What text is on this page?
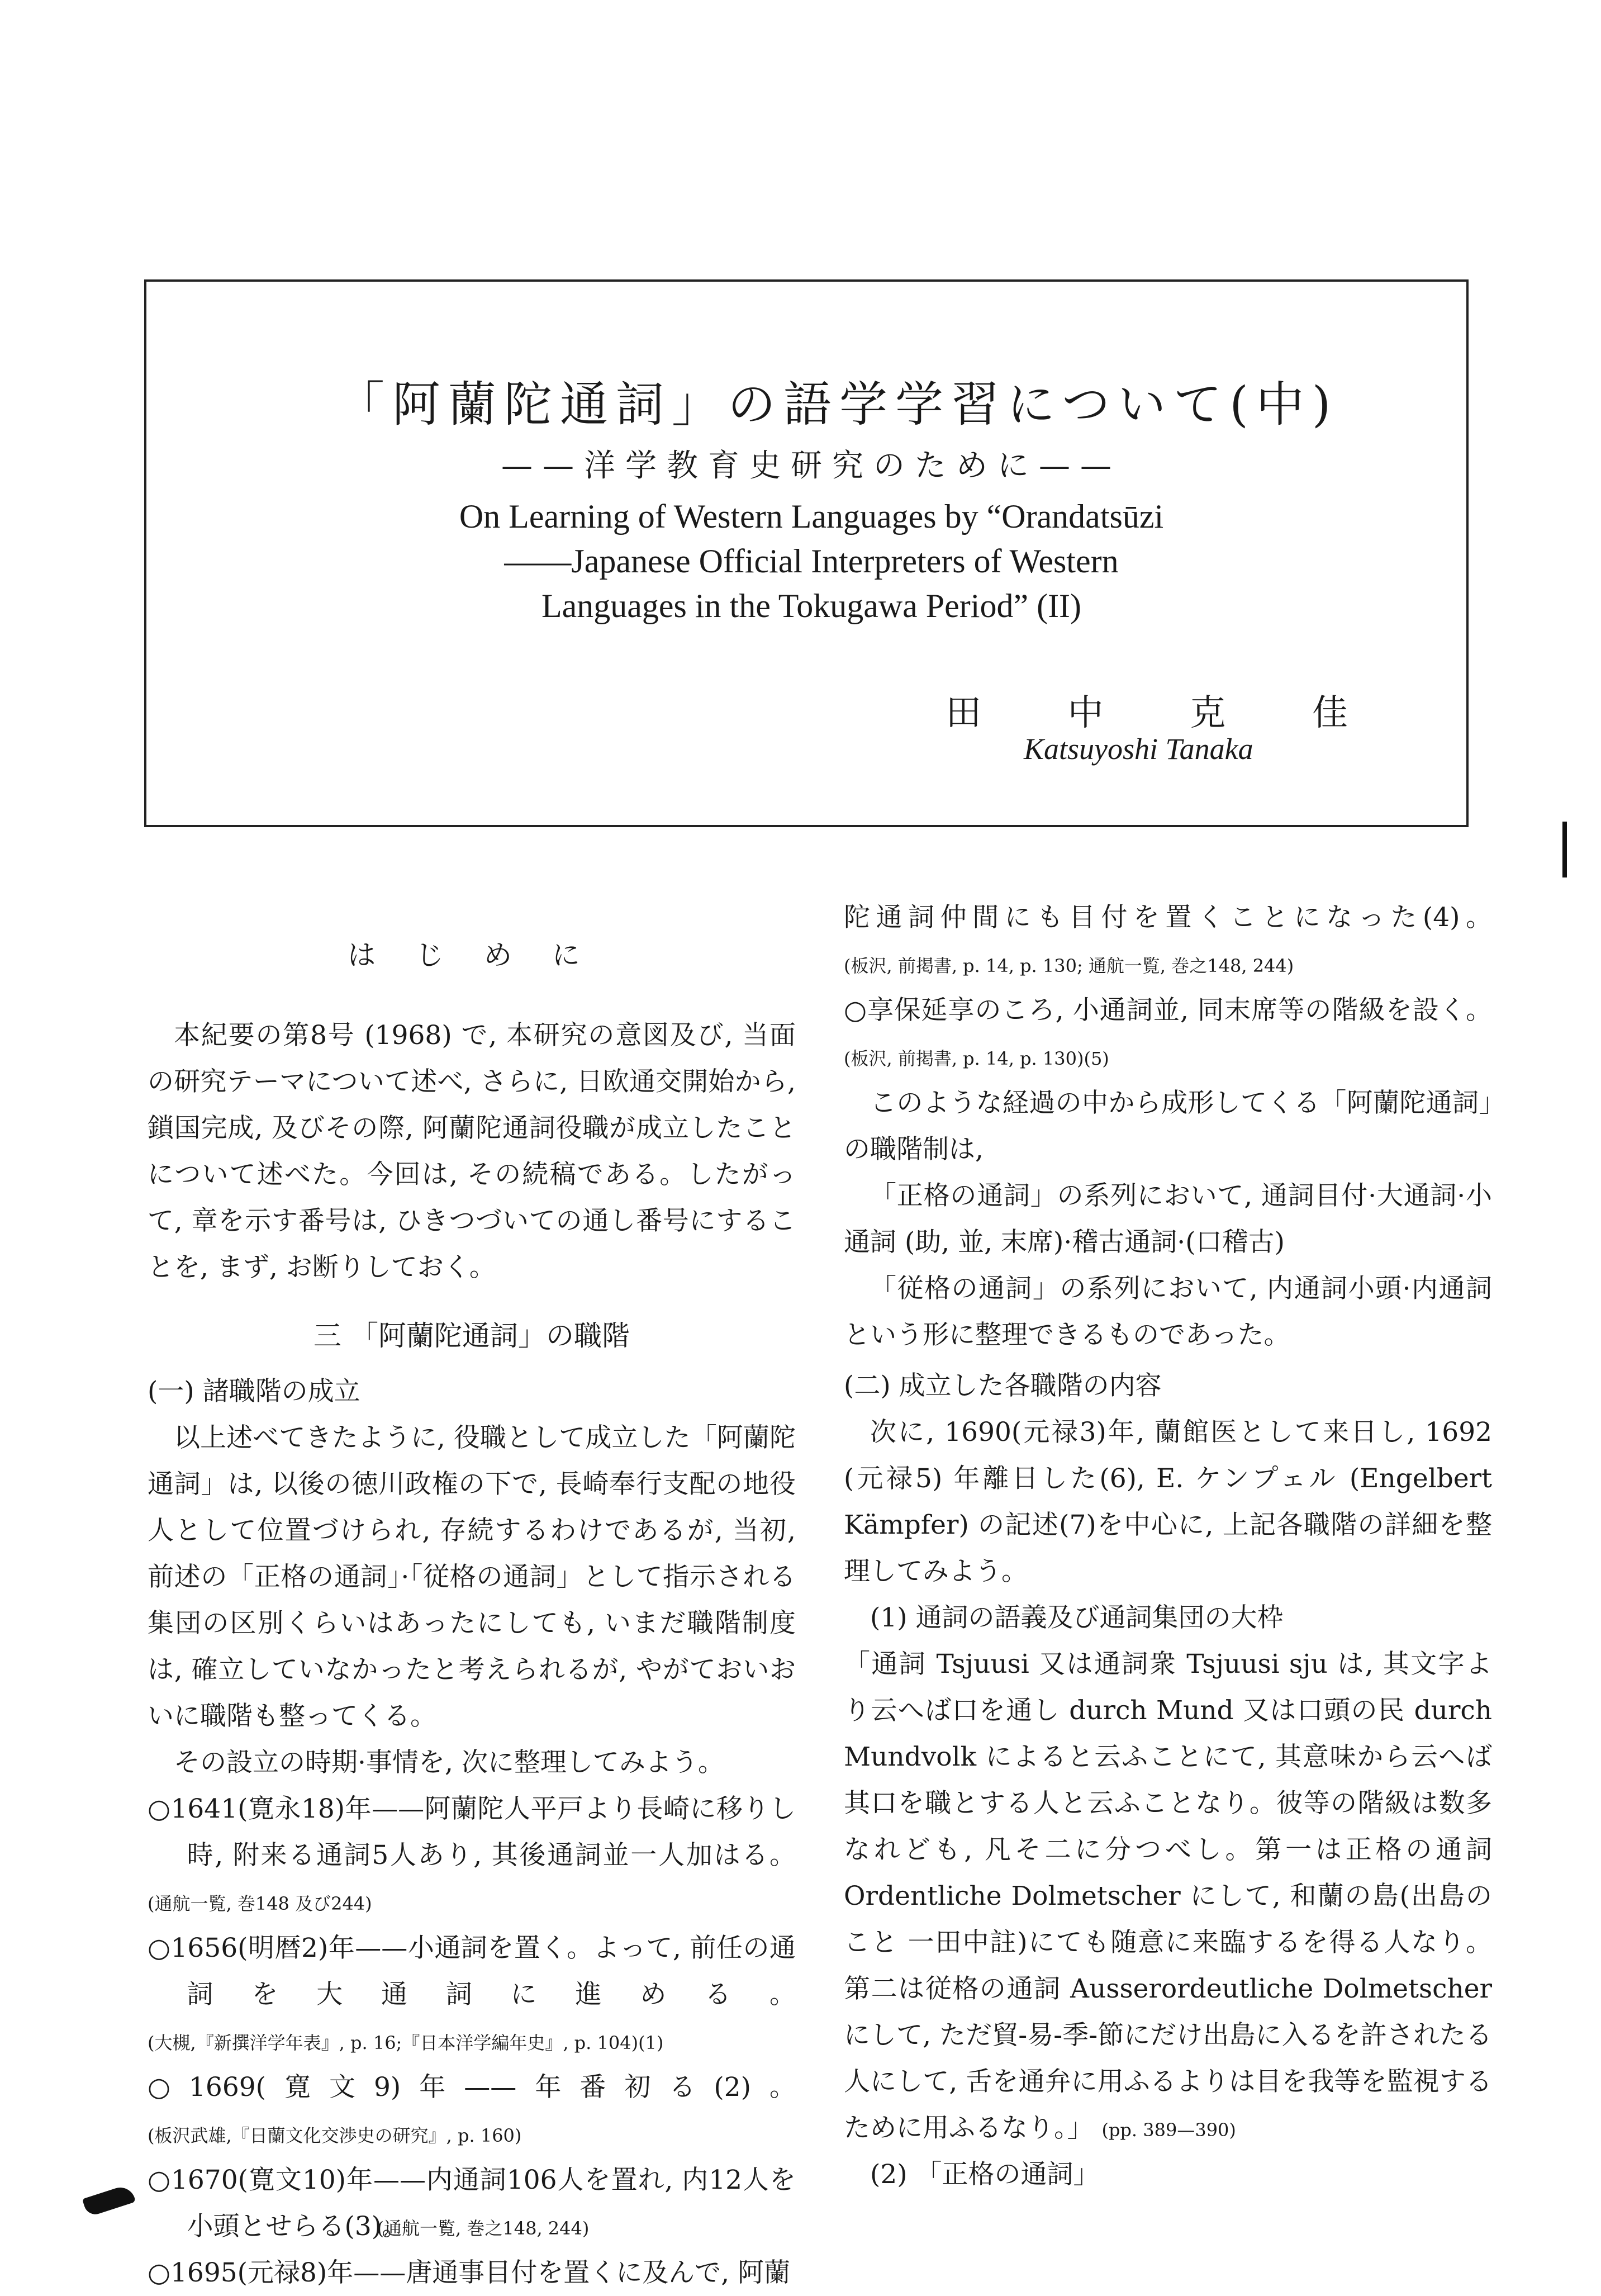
「阿蘭陀通詞」の語学学習について(中)
——洋学教育史研究のために——
On Learning of Western Languages by “Orandatsūzi
——Japanese Official Interpreters of Western
Languages in the Tokugawa Period” (II)
田 中 克 佳
Katsuyoshi Tanaka

は じ め に

本紀要の第8号 (1968) で, 本研究の意図及び, 当面の研究テーマについて述べ, さらに, 日欧通交開始から, 鎖国完成, 及びその際, 阿蘭陀通詞役職が成立したことについて述べた。今回は, その続稿である。したがって, 章を示す番号は, ひきつづいての通し番号にすることを, まず, お断りしておく。

三 「阿蘭陀通詞」の職階

(一) 諸職階の成立

以上述べてきたように, 役職として成立した「阿蘭陀通詞」は, 以後の徳川政権の下で, 長崎奉行支配の地役人として位置づけられ, 存続するわけであるが, 当初, 前述の「正格の通詞」·「従格の通詞」として指示される集団の区別くらいはあったにしても, いまだ職階制度は, 確立していなかったと考えられるが, やがておいおいに職階も整ってくる。

その設立の時期·事情を, 次に整理してみよう。

○1641(寛永18)年——阿蘭陀人平戸より長崎に移りし時, 附来る通詞5人あり, 其後通詞並一人加はる。 (通航一覧, 巻148 及び244)

○1656(明暦2)年——小通詞を置く。よって, 前任の通詞を大通詞に進める。 (大槻,『新撰洋学年表』, p. 16;『日本洋学編年史』, p. 104)(1)

○1669(寛文9)年——年番初る(2)。 (板沢武雄,『日蘭文化交渉史の研究』, p. 160)

○1670(寛文10)年——内通詞106人を置れ, 内12人を小頭とせらる(3)。 (通航一覧, 巻之148, 244)

○1695(元禄8)年——唐通事目付を置くに及んで, 阿蘭

陀通詞仲間にも目付を置くことになった(4)。 (板沢, 前掲書, p. 14, p. 130; 通航一覧, 巻之148, 244)

○享保延享のころ, 小通詞並, 同末席等の階級を設く。 (板沢, 前掲書, p. 14, p. 130)(5)

このような経過の中から成形してくる「阿蘭陀通詞」の職階制は,

「正格の通詞」の系列において, 通詞目付·大通詞·小通詞 (助, 並, 末席)·稽古通詞·(口稽古)

「従格の通詞」の系列において, 内通詞小頭·内通詞という形に整理できるものであった。

(二) 成立した各職階の内容

次に, 1690(元禄3)年, 蘭館医として来日し, 1692 (元禄5) 年離日した(6), E. ケンプェル (Engelbert Kämpfer) の記述(7)を中心に, 上記各職階の詳細を整理してみよう。

(1) 通詞の語義及び通詞集団の大枠

「通詞 Tsjuusi 又は通詞衆 Tsjuusi sju は, 其文字より云へば口を通し durch Mund 又は口頭の民 durch Mundvolk によると云ふことにて, 其意味から云へば其口を職とする人と云ふことなり。彼等の階級は数多なれども, 凡そ二に分つべし。第一は正格の通詞 Ordentliche Dolmetscher にして, 和蘭の島(出島のこと 一田中註)にても随意に来臨するを得る人なり。第二は従格の通詞 Ausserordeutliche Dolmetscher にして, ただ貿-易-季-節にだけ出島に入るを許されたる人にして, 舌を通弁に用ふるよりは目を我等を監視するために用ふるなり。」 (pp. 389—390)

(2) 「正格の通詞」
